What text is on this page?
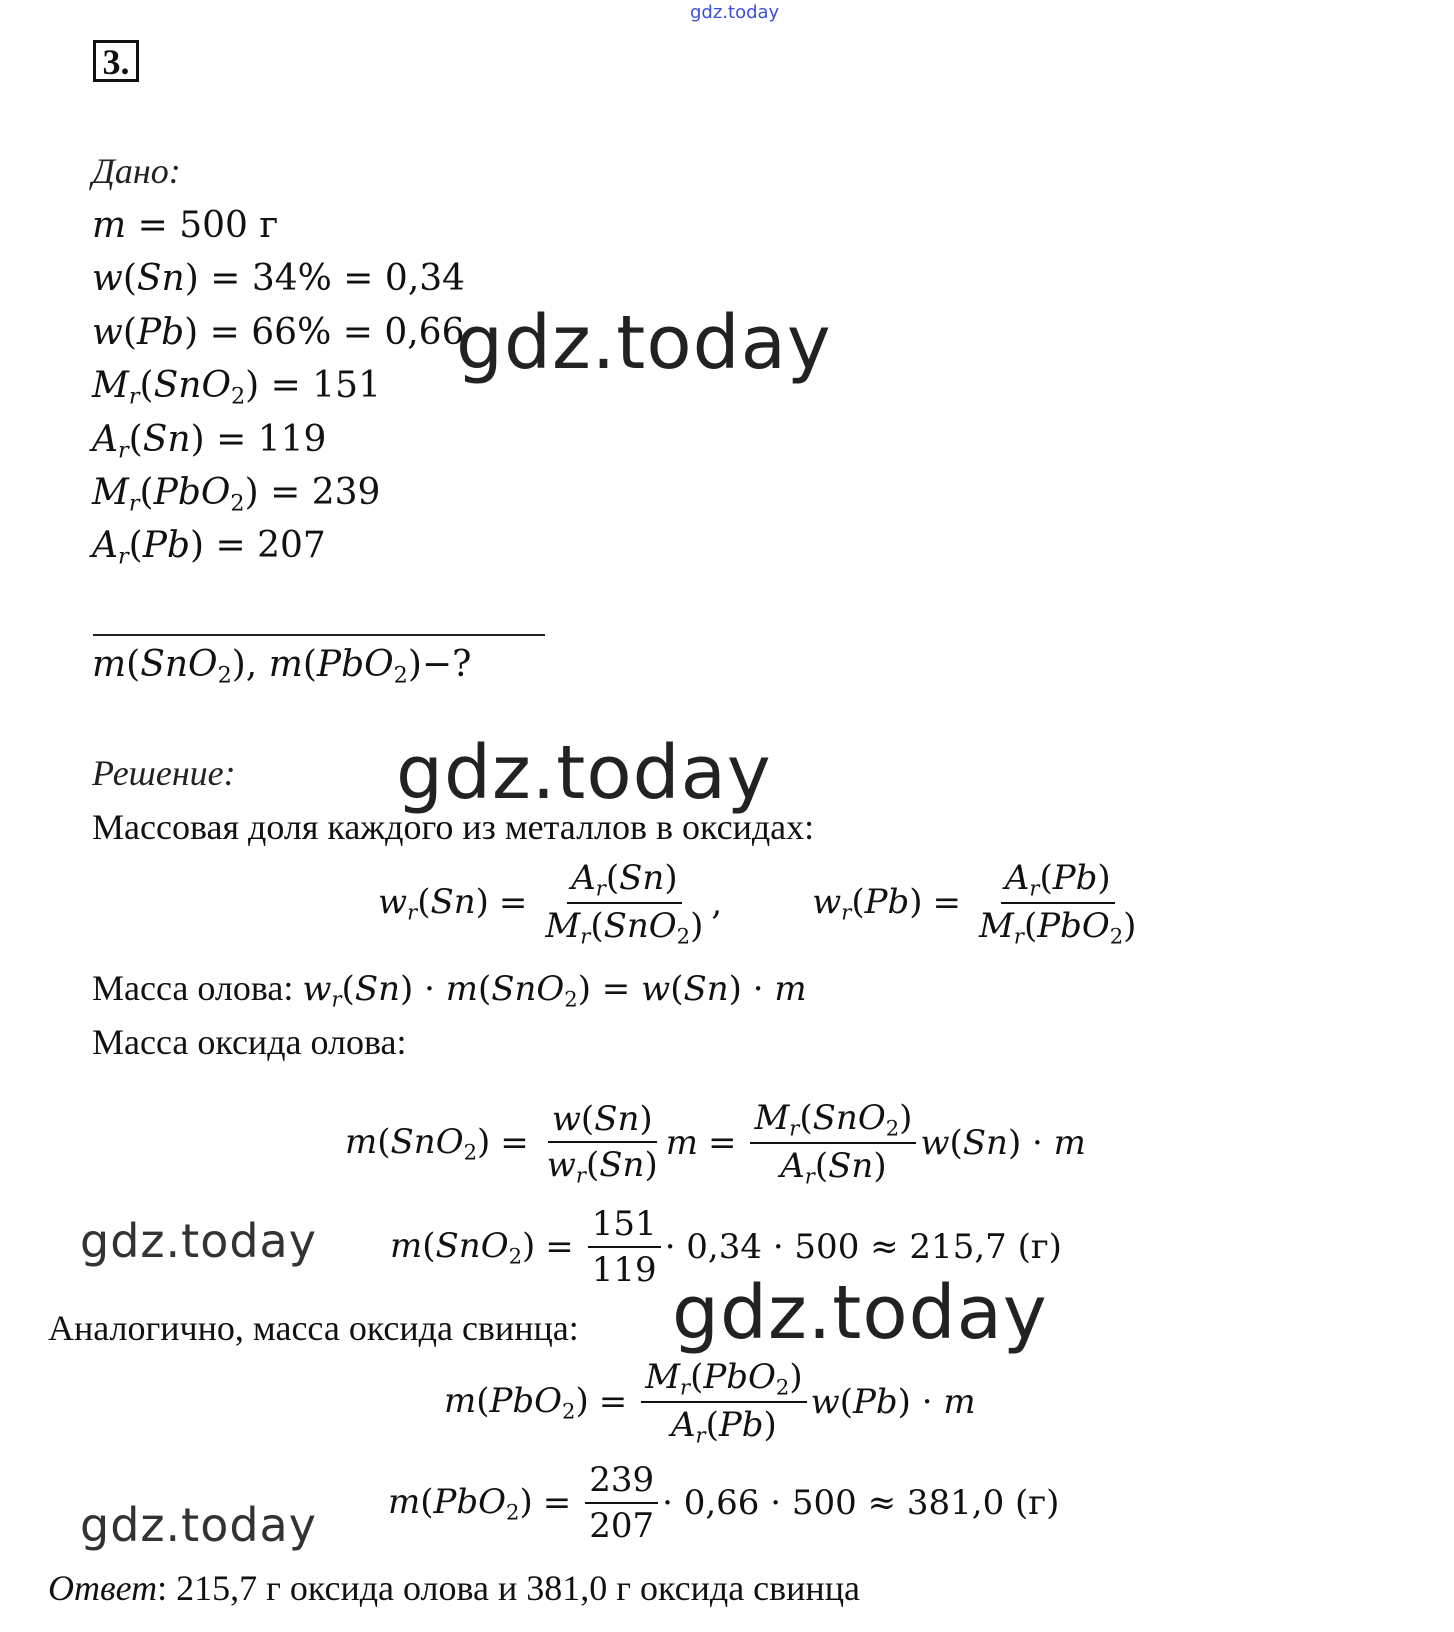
gdz.today
3.
Дано:
m = 500 г
w(Sn) = 34% = 0,34
w(Pb) = 66% = 0,66
$M_r(SnO_2) = 151$
$A_r(Sn) = 119$
$M_r(PbO_2) = 239$
$A_r(Pb) = 207$
m(SnO$_2$), m(PbO$_2$)−?
gdz.today
Решение: gdz.today
Массовая доля каждого из металлов в оксидах:
$w_r(Sn) = \frac{A_r(Sn)}{M_r(SnO_2)}$ ,	$w_r(Pb) = \frac{A_r(Pb)}{M_r(PbO_2)}$
Масса олова: $w_r(Sn) \cdot m(SnO_2) = w(Sn) \cdot m$
Масса оксида олова:
$m(SnO_2) = \frac{w(Sn)}{w_r(Sn)}$ $m = \frac{M_r(SnO_2)}{A_r(Sn)} w(Sn) \cdot m$
$m(SnO_2) = \frac{151}{119} \cdot 0,34 \cdot 500 \approx 215,7$ (г)
gdz.today
Аналогично, масса оксида свинца: gdz.today
$m(PbO_2) = \frac{M_r(PbO_2)}{A_r(Pb)} w(Pb) \cdot m$
$m(PbO_2) = \frac{239}{207} \cdot 0,66 \cdot 500 \approx 381,0$ (г)
gdz.today
Ответ: 215,7 г оксида олова и 381,0 г оксида свинца
